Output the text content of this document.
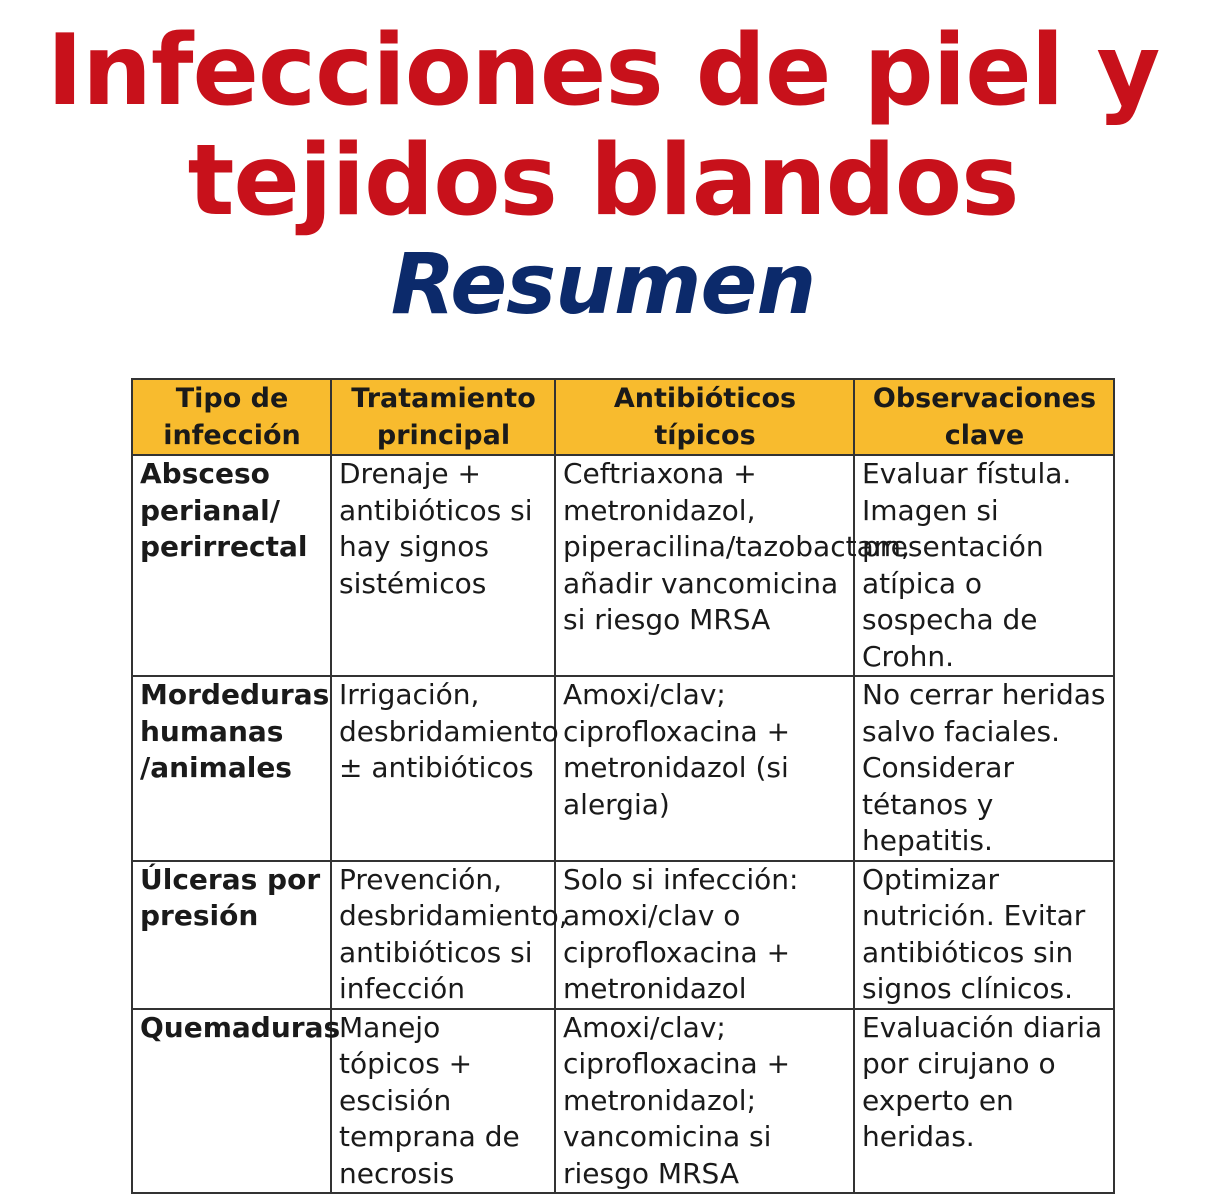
Infecciones de piel y
tejidos blandos
Resumen
Tipo de infección	Tratamiento principal	Antibióticos típicos	Observaciones clave
Absceso perianal/ perirrectal	Drenaje + antibióticos si hay signos sistémicos	Ceftriaxona + metronidazol, piperacilina/tazobactam, añadir vancomicina si riesgo MRSA	Evaluar fístula. Imagen si presentación atípica o sospecha de Crohn.
Mordeduras humanas /animales	Irrigación, desbridamiento ± antibióticos	Amoxi/clav; ciprofloxacina + metronidazol (si alergia)	No cerrar heridas salvo faciales. Considerar tétanos y hepatitis.
Úlceras por presión	Prevención, desbridamiento, antibióticos si infección	Solo si infección: amoxi/clav o ciprofloxacina + metronidazol	Optimizar nutrición. Evitar antibióticos sin signos clínicos.
Quemaduras	Manejo tópicos + escisión temprana de necrosis	Amoxi/clav; ciprofloxacina + metronidazol; vancomicina si riesgo MRSA	Evaluación diaria por cirujano o experto en heridas.
